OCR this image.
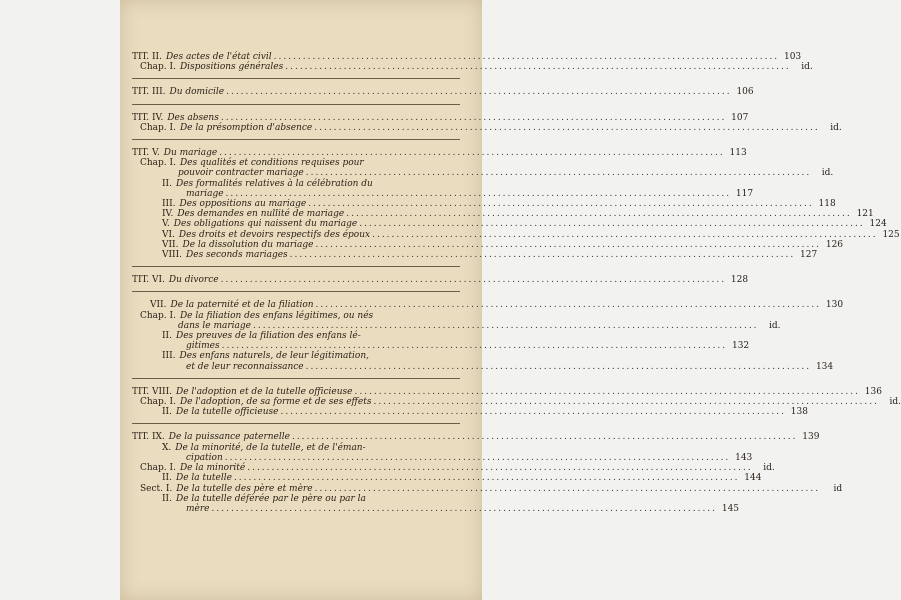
TIT. II. Des actes de l'état civil .....	103
Chap. I. Dispositions générales .....	id.
TIT. III. Du domicile .....	106
TIT. IV. Des absens .....	107
Chap. I. De la présomption d'absence .....	id.
TIT. V. Du mariage .....	113
Chap. I. Des qualités et conditions requises pour
pouvoir contracter mariage .....	id.
II. Des formalités relatives à la célébration du
mariage .....	117
III. Des oppositions au mariage .....	118
IV. Des demandes en nullité de mariage .....	121
V. Des obligations qui naissent du mariage .....	124
VI. Des droits et devoirs respectifs des époux .....	125
VII. De la dissolution du mariage .....	126
VIII. Des seconds mariages .....	127
TIT. VI. Du divorce .....	128
VII. De la paternité et de la filiation .....	130
Chap. I. De la filiation des enfans légitimes, ou nés
dans le mariage .....	id.
II. Des preuves de la filiation des enfans lé-
gitimes .....	132
III. Des enfans naturels, de leur légitimation,
et de leur reconnaissance .....	134
TIT. VIII. De l'adoption et de la tutelle officieuse .....	136
Chap. I. De l'adoption, de sa forme et de ses effets .....	id.
II. De la tutelle officieuse .....	138
TIT. IX. De la puissance paternelle .....	139
X. De la minorité, de la tutelle, et de l'éman-
cipation .....	143
Chap. I. De la minorité .....	id.
II. De la tutelle .....	144
Sect. I. De la tutelle des père et mère .....	id
II. De la tutelle déférée par le père ou par la
mère .....	145
